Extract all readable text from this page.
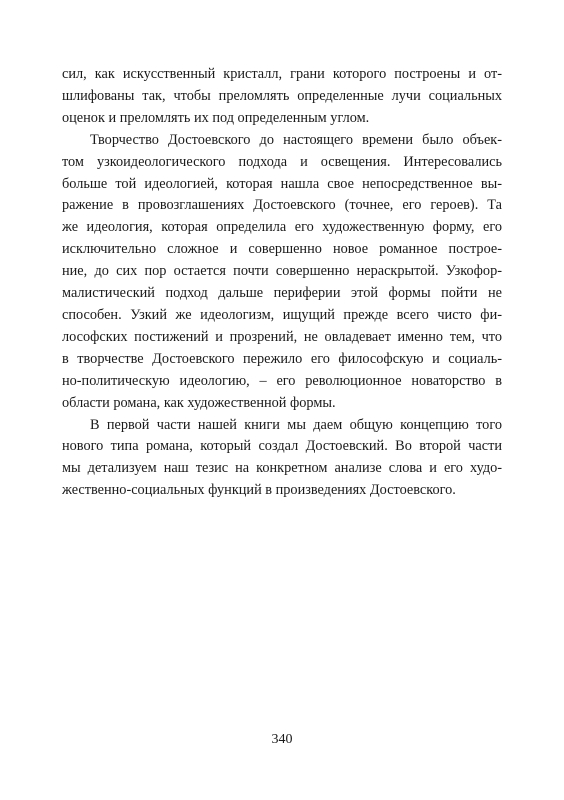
сил, как искусственный кристалл, грани которого построены и от-
шлифованы так, чтобы преломлять определенные лучи социальных
оценок и преломлять их под определенным углом.

Творчество Достоевского до настоящего времени было объек-
том узкоидеологического подхода и освещения. Интересовались
больше той идеологией, которая нашла свое непосредственное вы-
ражение в провозглашениях Достоевского (точнее, его героев). Та
же идеология, которая определила его художественную форму, его
исключительно сложное и совершенно новое романное построе-
ние, до сих пор остается почти совершенно нераскрытой. Узкофор-
малистический подход дальше периферии этой формы пойти не
способен. Узкий же идеологизм, ищущий прежде всего чисто фи-
лософских постижений и прозрений, не овладевает именно тем, что
в творчестве Достоевского пережило его философскую и социаль-
но-политическую идеологию, – его революционное новаторство в
области романа, как художественной формы.

В первой части нашей книги мы даем общую концепцию того
нового типа романа, который создал Достоевский. Во второй части
мы детализуем наш тезис на конкретном анализе слова и его худо-
жественно-социальных функций в произведениях Достоевского.

340
